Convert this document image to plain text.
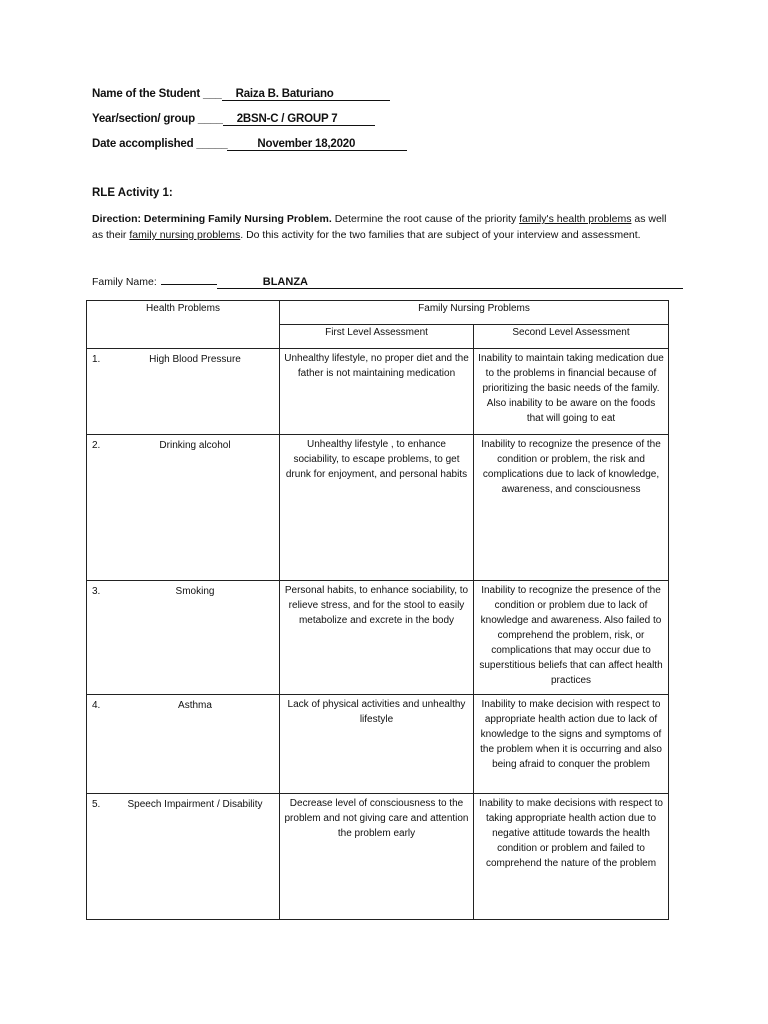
Name of the Student ___ Raiza B. Baturiano
Year/section/ group ____ 2BSN-C / GROUP 7
Date accomplished _____	November 18,2020
RLE Activity 1:
Direction: Determining Family Nursing Problem. Determine the root cause of the priority family's health problems as well as their family nursing problems. Do this activity for the two families that are subject of your interview and assessment.
Family Name:	BLANZA
Health Problems	Family Nursing Problems	
	First Level Assessment	Second Level Assessment

1. High Blood Pressure	Unhealthy lifestyle, no proper diet and the father is not maintaining medication	Inability to maintain taking medication due to the problems in financial because of prioritizing the basic needs of the family. Also inability to be aware on the foods that will going to eat

2. Drinking alcohol	Unhealthy lifestyle , to enhance sociability, to escape problems, to get drunk for enjoyment, and personal habits	Inability to recognize the presence of the condition or problem, the risk and complications due to lack of knowledge, awareness, and consciousness

3. Smoking	Personal habits, to enhance sociability, to relieve stress, and for the stool to easily metabolize and excrete in the body	Inability to recognize the presence of the condition or problem due to lack of knowledge and awareness. Also failed to comprehend the problem, risk, or complications that may occur due to superstitious beliefs that can affect health practices

4. Asthma	Lack of physical activities and unhealthy lifestyle	Inability to make decision with respect to appropriate health action due to lack of knowledge to the signs and symptoms of the problem when it is occurring and also being afraid to conquer the problem

5. Speech Impairment / Disability	Decrease level of consciousness to the problem and not giving care and attention the problem early	Inability to make decisions with respect to taking appropriate health action due to negative attitude towards the health condition or problem and failed to comprehend the nature of the problem
